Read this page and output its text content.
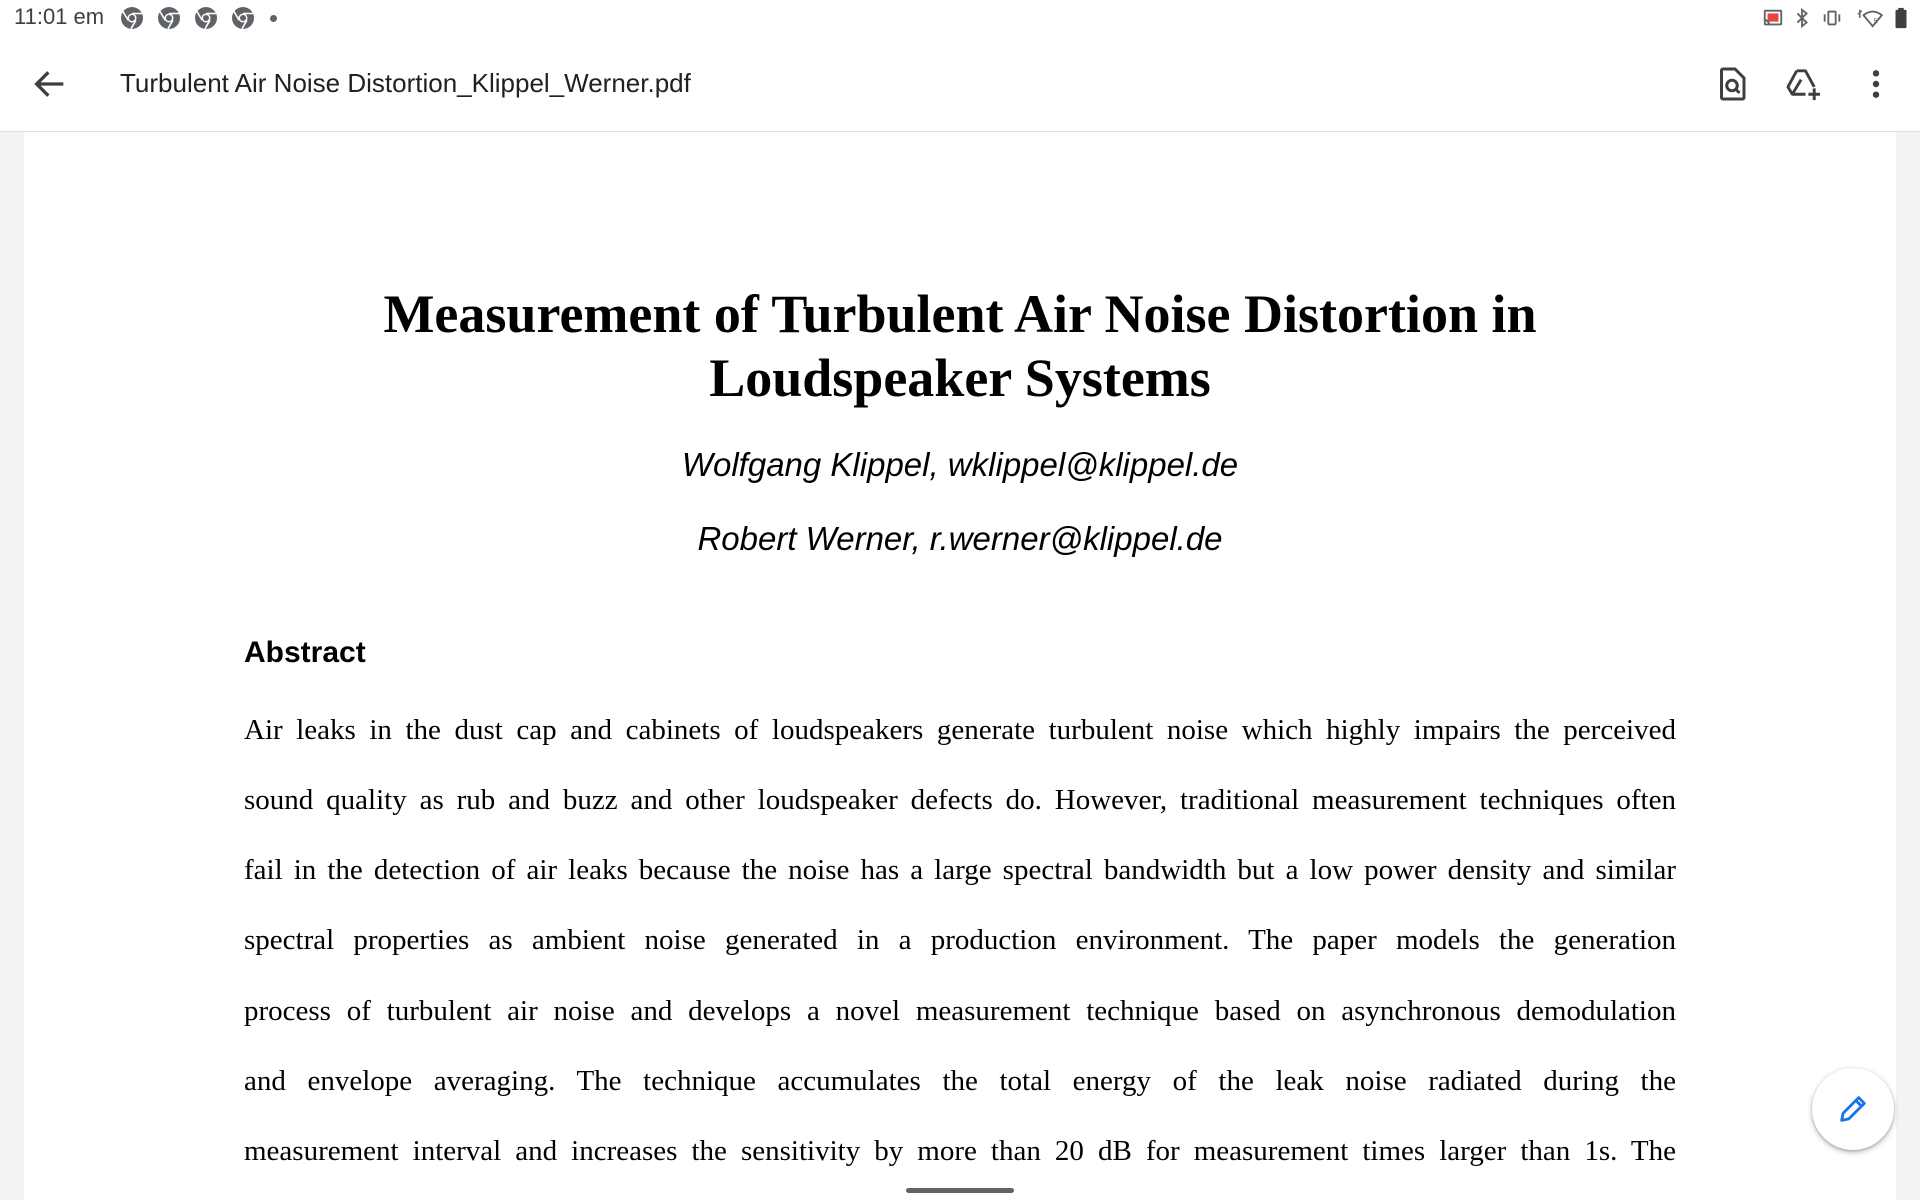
11:01 em	5
Turbulent Air Noise Distortion_Klippel_Werner.pdf
Measurement of Turbulent Air Noise Distortion in
Loudspeaker Systems
Wolfgang Klippel, wklippel@klippel.de
Robert Werner, r.werner@klippel.de
Abstract
Air leaks in the dust cap and cabinets of loudspeakers generate turbulent noise which highly impairs the perceived
sound quality as rub and buzz and other loudspeaker defects do. However, traditional measurement techniques often
fail in the detection of air leaks because the noise has a large spectral bandwidth but a low power density and similar
spectral properties as ambient noise generated in a production environment. The paper models the generation
process of turbulent air noise and develops a novel measurement technique based on asynchronous demodulation
and envelope averaging. The technique accumulates the total energy of the leak noise radiated during the
measurement interval and increases the sensitivity by more than 20 dB for measurement times larger than 1s. The
